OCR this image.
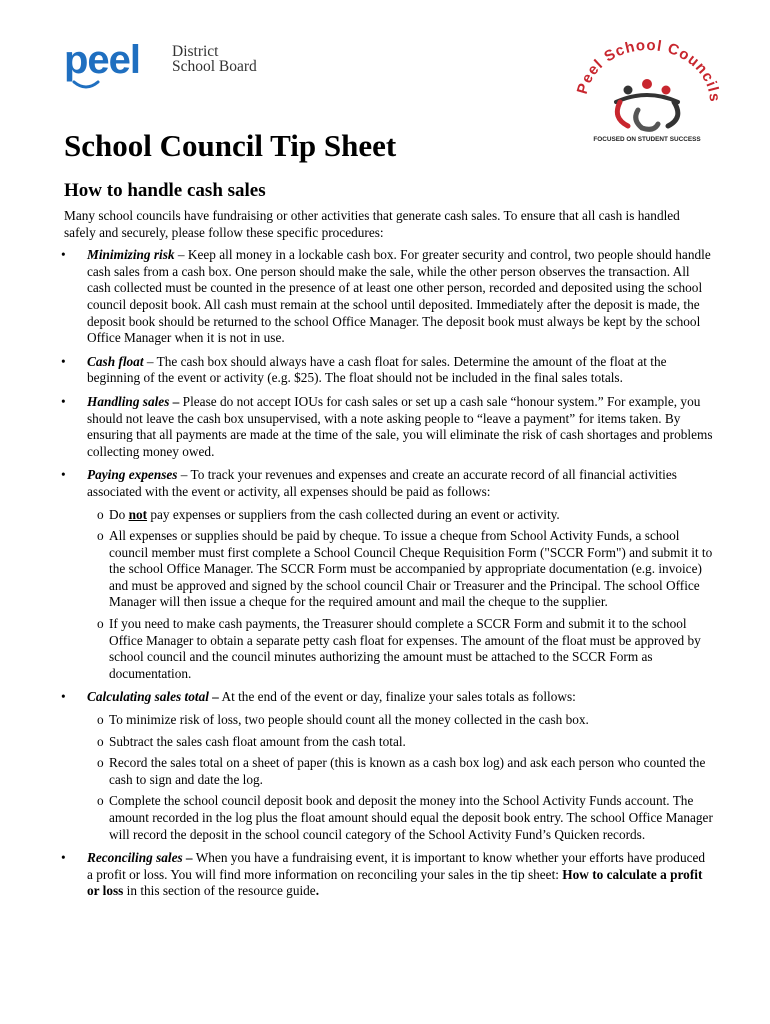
peel District
School Board
Peel School Councils
FOCUSED ON STUDENT SUCCESS
School Council Tip Sheet
How to handle cash sales

Many school councils have fundraising or other activities that generate cash sales. To ensure that all cash is handled safely and securely, please follow these specific procedures:

• Minimizing risk – Keep all money in a lockable cash box. For greater security and control, two people should handle cash sales from a cash box. One person should make the sale, while the other person observes the transaction. All cash collected must be counted in the presence of at least one other person, recorded and deposited using the school council deposit book. All cash must remain at the school until deposited. Immediately after the deposit is made, the deposit book should be returned to the school Office Manager. The deposit book must always be kept by the school Office Manager when it is not in use.
• Cash float – The cash box should always have a cash float for sales. Determine the amount of the float at the beginning of the event or activity (e.g. $25). The float should not be included in the final sales totals.
• Handling sales – Please do not accept IOUs for cash sales or set up a cash sale “honour system.” For example, you should not leave the cash box unsupervised, with a note asking people to “leave a payment” for items taken. By ensuring that all payments are made at the time of the sale, you will eliminate the risk of cash shortages and problems collecting money owed.
• Paying expenses – To track your revenues and expenses and create an accurate record of all financial activities associated with the event or activity, all expenses should be paid as follows:
o Do not pay expenses or suppliers from the cash collected during an event or activity.
o All expenses or supplies should be paid by cheque. To issue a cheque from School Activity Funds, a school council member must first complete a School Council Cheque Requisition Form ("SCCR Form") and submit it to the school Office Manager. The SCCR Form must be accompanied by appropriate documentation (e.g. invoice) and must be approved and signed by the school council Chair or Treasurer and the Principal. The school Office Manager will then issue a cheque for the required amount and mail the cheque to the supplier.
o If you need to make cash payments, the Treasurer should complete a SCCR Form and submit it to the school Office Manager to obtain a separate petty cash float for expenses. The amount of the float must be approved by school council and the council minutes authorizing the amount must be attached to the SCCR Form as documentation.
• Calculating sales total – At the end of the event or day, finalize your sales totals as follows:
o To minimize risk of loss, two people should count all the money collected in the cash box.
o Subtract the sales cash float amount from the cash total.
o Record the sales total on a sheet of paper (this is known as a cash box log) and ask each person who counted the cash to sign and date the log.
o Complete the school council deposit book and deposit the money into the School Activity Funds account. The amount recorded in the log plus the float amount should equal the deposit book entry. The school Office Manager will record the deposit in the school council category of the School Activity Fund’s Quicken records.
• Reconciling sales – When you have a fundraising event, it is important to know whether your efforts have produced a profit or loss. You will find more information on reconciling your sales in the tip sheet: How to calculate a profit or loss in this section of the resource guide.
